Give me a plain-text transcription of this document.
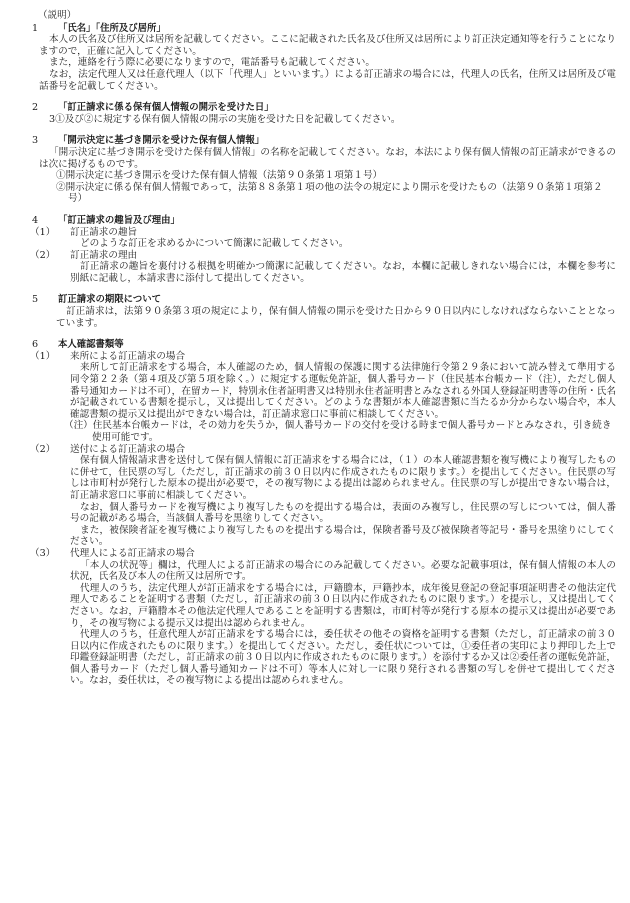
（説明）
1	「氏名」「住所及び居所」

本人の氏名及び住所又は居所を記載してください。ここに記載された氏名及び住所又は居所により訂正決定通知等を行うことになりますので，正確に記入してください。

また，連絡を行う際に必要になりますので，電話番号も記載してください。

なお，法定代理人又は任意代理人（以下「代理人」といいます。）による訂正請求の場合には，代理人の氏名，住所又は居所及び電話番号を記載してください。

2	「訂正請求に係る保有個人情報の開示を受けた日」

3①及び②に規定する保有個人情報の開示の実施を受けた日を記載してください。

3	「開示決定に基づき開示を受けた保有個人情報」

「開示決定に基づき開示を受けた保有個人情報」の名称を記載してください。なお，本法により保有個人情報の訂正請求ができるのは次に掲げるものです。

①開示決定に基づき開示を受けた保有個人情報（法第９０条第１項第１号）
②開示決定に係る保有個人情報であって，法第８８条第１項の他の法令の規定により開示を受けたもの（法第９０条第１項第２号）
4	「訂正請求の趣旨及び理由」
（1）	訂正請求の趣旨

どのような訂正を求めるかについて簡潔に記載してください。

（2）	訂正請求の理由

訂正請求の趣旨を裏付ける根拠を明確かつ簡潔に記載してください。なお，本欄に記載しきれない場合には，本欄を参考に別紙に記載し，本請求書に添付して提出してください。

5	訂正請求の期限について

訂正請求は，法第９０条第３項の規定により，保有個人情報の開示を受けた日から９０日以内にしなければならないこととなっています。

6	本人確認書類等
（1）	来所による訂正請求の場合

来所して訂正請求をする場合，本人確認のため，個人情報の保護に関する法律施行令第２９条において読み替えて準用する同令第２２条（第４項及び第５項を除く。）に規定する運転免許証，個人番号カード（住民基本台帳カード（注），ただし個人番号通知カードは不可），在留カード，特別永住者証明書又は特別永住者証明書とみなされる外国人登録証明書等の住所・氏名が記載されている書類を提示し，又は提出してください。どのような書類が本人確認書類に当たるか分からない場合や，本人確認書類の提示又は提出ができない場合は，訂正請求窓口に事前に相談してください。

（注）住民基本台帳カードは，その効力を失うか，個人番号カードの交付を受ける時まで個人番号カードとみなされ，引き続き使用可能です。
（2）	送付による訂正請求の場合

保有個人情報請求書を送付して保有個人情報に訂正請求をする場合には，（１）の本人確認書類を複写機により複写したものに併せて，住民票の写し（ただし，訂正請求の前３０日以内に作成されたものに限ります。）を提出してください。住民票の写しは市町村が発行した原本の提出が必要で，その複写物による提出は認められません。住民票の写しが提出できない場合は，訂正請求窓口に事前に相談してください。

なお，個人番号カードを複写機により複写したものを提出する場合は，表面のみ複写し，住民票の写しについては，個人番号の記載がある場合，当該個人番号を黒塗りしてください。

また，被保険者証を複写機により複写したものを提出する場合は，保険者番号及び被保険者等記号・番号を黒塗りにしてください。

（3）	代理人による訂正請求の場合

「本人の状況等」欄は，代理人による訂正請求の場合にのみ記載してください。必要な記載事項は，保有個人情報の本人の状況，氏名及び本人の住所又は居所です。

代理人のうち，法定代理人が訂正請求をする場合には，戸籍謄本，戸籍抄本，成年後見登記の登記事項証明書その他法定代理人であることを証明する書類（ただし，訂正請求の前３０日以内に作成されたものに限ります。）を提示し，又は提出してください。なお，戸籍謄本その他法定代理人であることを証明する書類は，市町村等が発行する原本の提示又は提出が必要であり，その複写物による提示又は提出は認められません。

代理人のうち，任意代理人が訂正請求をする場合には，委任状その他その資格を証明する書類（ただし，訂正請求の前３０日以内に作成されたものに限ります。）を提出してください。ただし，委任状については，①委任者の実印により押印した上で印鑑登録証明書（ただし，訂正請求の前３０日以内に作成されたものに限ります。）を添付するか又は②委任者の運転免許証，個人番号カード（ただし個人番号通知カードは不可）等本人に対し一に限り発行される書類の写しを併せて提出してください。なお，委任状は，その複写物による提出は認められません。
